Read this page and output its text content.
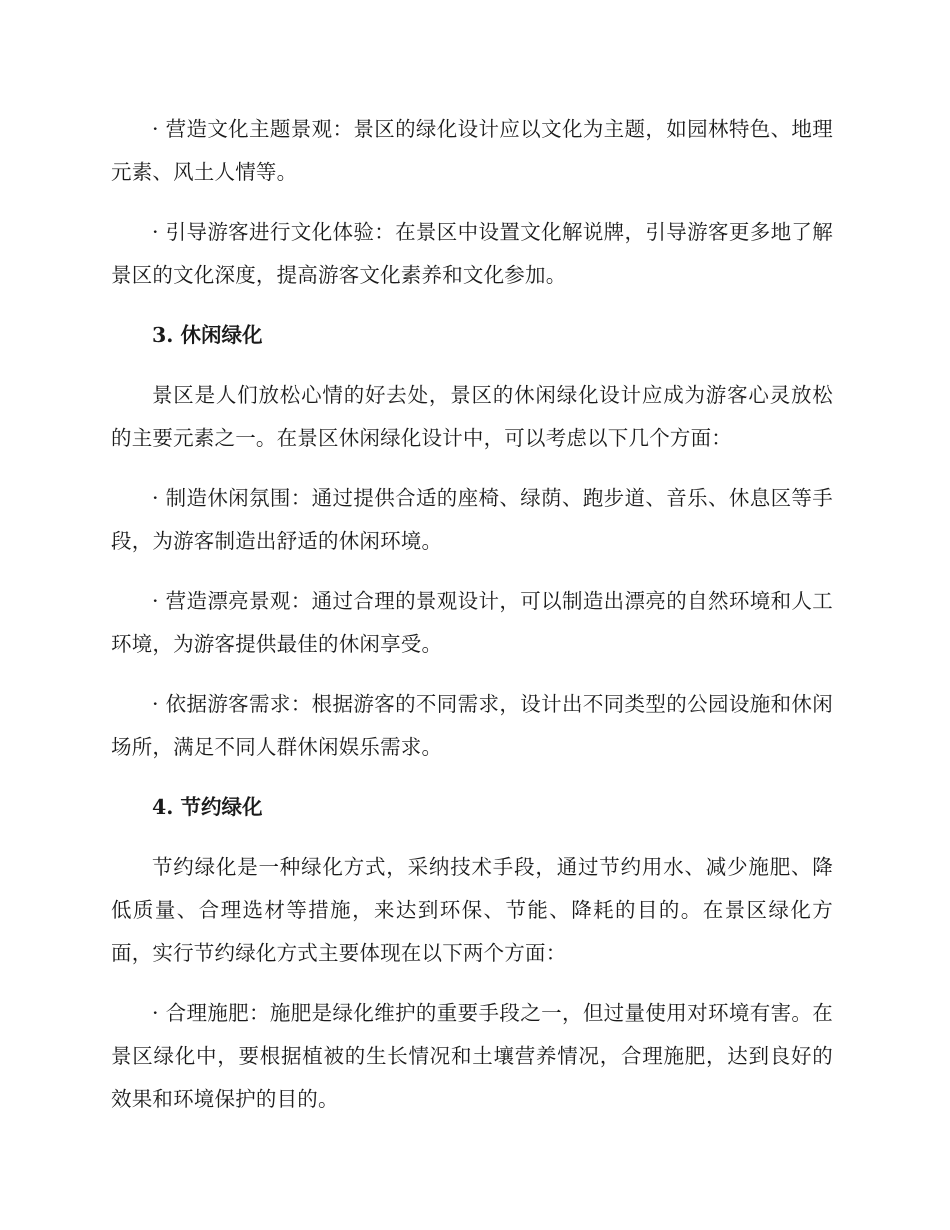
· 营造文化主题景观：景区的绿化设计应以文化为主题，如园林特色、地理元素、风土人情等。

· 引导游客进行文化体验：在景区中设置文化解说牌，引导游客更多地了解景区的文化深度，提高游客文化素养和文化参加。

3. 休闲绿化

景区是人们放松心情的好去处，景区的休闲绿化设计应成为游客心灵放松的主要元素之一。在景区休闲绿化设计中，可以考虑以下几个方面：

· 制造休闲氛围：通过提供合适的座椅、绿荫、跑步道、音乐、休息区等手段，为游客制造出舒适的休闲环境。

· 营造漂亮景观：通过合理的景观设计，可以制造出漂亮的自然环境和人工环境，为游客提供最佳的休闲享受。

· 依据游客需求：根据游客的不同需求，设计出不同类型的公园设施和休闲场所，满足不同人群休闲娱乐需求。

4. 节约绿化

节约绿化是一种绿化方式，采纳技术手段，通过节约用水、减少施肥、降低质量、合理选材等措施，来达到环保、节能、降耗的目的。在景区绿化方面，实行节约绿化方式主要体现在以下两个方面：

· 合理施肥：施肥是绿化维护的重要手段之一，但过量使用对环境有害。在景区绿化中，要根据植被的生长情况和土壤营养情况，合理施肥，达到良好的效果和环境保护的目的。
